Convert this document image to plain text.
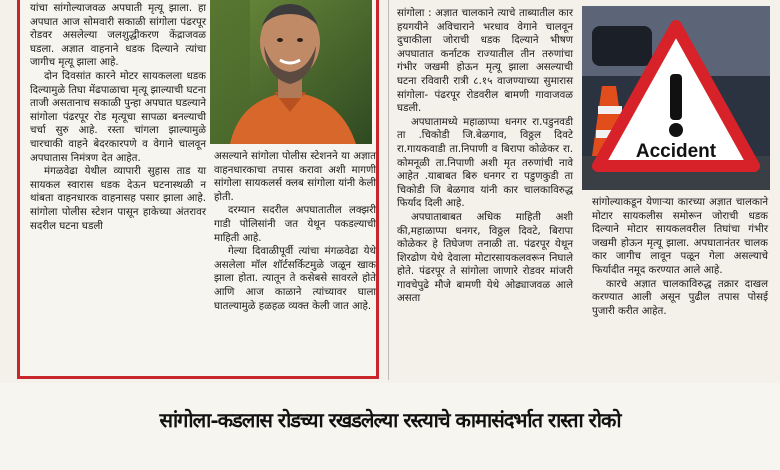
यांचा सांगोल्याजवळ अपघाती मृत्यू झाला. हा अपघात आज सोमवारी सकाळी सांगोला पंढरपूर रोडवर असलेल्या जलशुद्धीकरण केंद्राजवळ घडला. अज्ञात वाहनाने धडक दिल्याने त्यांचा जागीच मृत्यू झाला आहे.

दोन दिवसांत कारने मोटर सायकलला धडक दिल्यामुळे तिघा मेंढपाळाचा मृत्यू झाल्याची घटना ताजी असतानाच सकाळी पुन्हा अपघात घडल्याने सांगोला पंढरपूर रोड मृत्यूचा सापळा बनल्याची चर्चा सुरु आहे. रस्ता चांगला झाल्यामुळे चारचाकी वाहने बेदरकारपणे व वेगाने चालवून अपघातास निमंत्रण देत आहेत.

मंगळवेढा येथील व्यापारी सुहास ताड या सायकल स्वारास धडक देऊन घटनास्थळी न थांबता वाहनधारक वाहनासह पसार झाला आहे. सांगोला पोलीस स्टेशन पासून हाकेच्या अंतरावर सदरील घटना घडली

असल्याने सांगोला पोलीस स्टेशनने या अज्ञात वाहनधारकाचा तपास करावा अशी मागणी सांगोला सायकलर्स क्लब सांगोला यांनी केली होती.

दरम्यान सदरील अपघातातील लक्झरी गाडी पोलिसांनी जत येथून पकडल्याची माहिती आहे.

गेल्या दिवाळीपूर्वी त्यांचा मंगळवेढा येथे असलेला मॉल शॉर्टसर्किटमुळे जळून खाक झाला होता. त्यातून ते कसेबसे सावरले होते आणि आज काळाने त्यांच्यावर घाला घातल्यामुळे हळहळ व्यक्त केली जात आहे.

सांगोला : अज्ञात चालकाने त्याचे ताब्यातील कार हयगयीने अविचाराने भरधाव वेगाने चालवून दुचाकीला जोराची धडक दिल्याने भीषण अपघातात कर्नाटक राज्यातील तीन तरुणांचा गंभीर जखमी होऊन मृत्यू झाला असल्याची घटना रविवारी रात्री ८.१५ वाजण्याच्या सुमारास सांगोला- पंढरपूर रोडवरील बामणी गावाजवळ घडली.

अपघातामध्ये महाळाप्पा धनगर रा.पडुनवडी ता .चिकोडी जि.बेळगाव, विठ्ठल दिवटे रा.गायकवाडी ता.निपाणी व बिरापा कोळेकर रा. कोमनूळी ता.निपाणी अशी मृत तरुणांची नावे आहेत .याबाबत बिरु धनगर रा पडुणकुडी ता चिकोडी जि बेळगाव यांनी कार चालकाविरुद्ध फिर्याद दिली आहे.

अपघाताबाबत अधिक माहिती अशी की,महाळाप्पा धनगर, विठ्ठल दिवटे, बिरापा कोळेकर हे तिघेजण तनाळी ता. पंढरपूर येथून शिरढोण येथे देवाला मोटारसायकलवरून निघाले होते. पंढरपूर ते सांगोला जाणारे रोडवर मांजरी गावचेपुढे मौजे बामणी येथे ओढ्याजवळ आले असता

Accident

सांगोल्याकडून येणाऱ्या कारच्या अज्ञात चालकाने मोटार सायकलीस समोरून जोराची धडक दिल्याने मोटार सायकलवरील तिघांचा गंभीर जखमी होऊन मृत्यू झाला. अपघातानंतर चालक कार जागीच लावून पळून गेला असल्याचे फिर्यादीत नमूद करण्यात आले आहे.

कारचे अज्ञात चालकाविरुद्ध तक्रार दाखल करण्यात आली असून पुढील तपास पोसई पुजारी करीत आहेत.

सांगोला-कडलास रोडच्या रखडलेल्या रस्त्याचे कामासंदर्भात रास्ता रोको
